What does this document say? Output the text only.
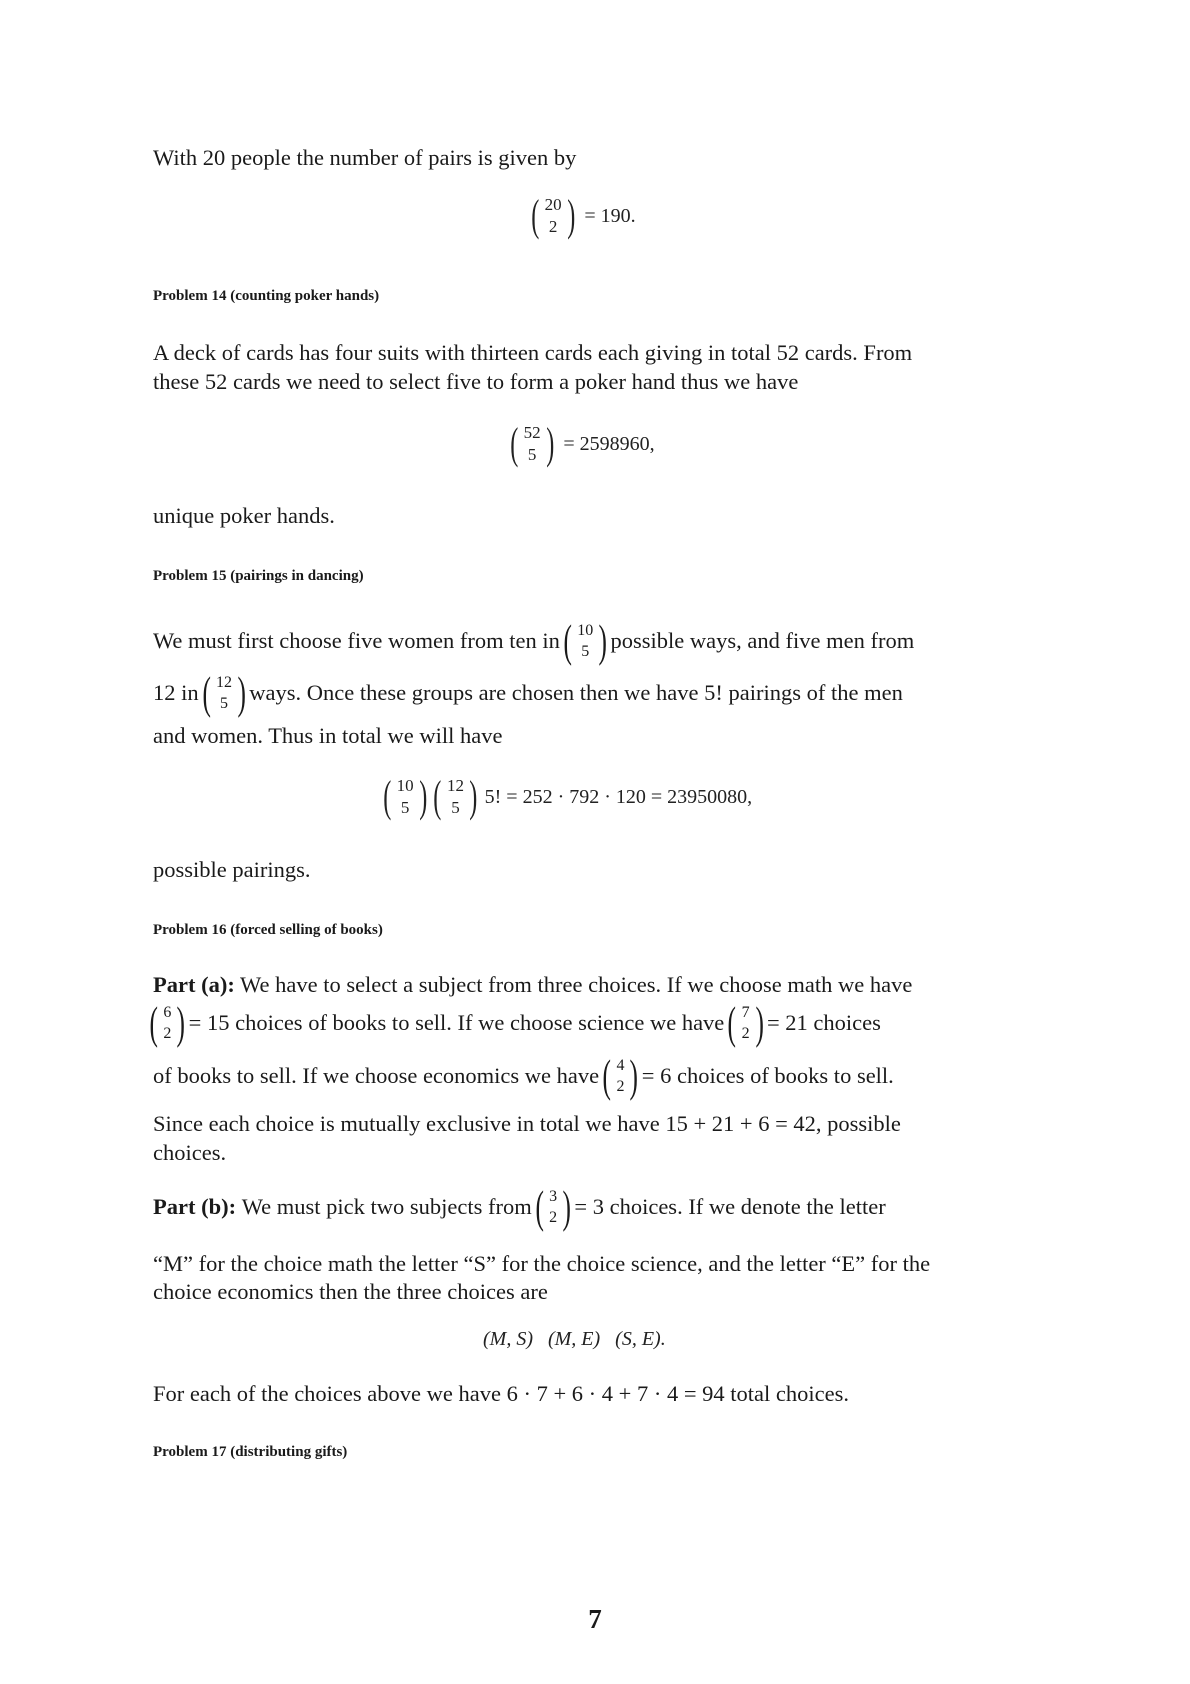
With 20 people the number of pairs is given by
( 20
2 ) = 190.
Problem 14 (counting poker hands)
A deck of cards has four suits with thirteen cards each giving in total 52 cards. From
these 52 cards we need to select five to form a poker hand thus we have
( 52
5 ) = 2598960,
unique poker hands.
Problem 15 (pairings in dancing)
We must first choose five women from ten in ( 10
5 ) possible ways, and five men from
12 in ( 12
5 ) ways. Once these groups are chosen then we have 5! pairings of the men
and women. Thus in total we will have
( 10
5 ) ( 12
5 ) 5! = 252 · 792 · 120 = 23950080,
possible pairings.
Problem 16 (forced selling of books)
Part (a): We have to select a subject from three choices. If we choose math we have
( 6
2 ) = 15 choices of books to sell. If we choose science we have ( 7
2 ) = 21 choices
of books to sell. If we choose economics we have ( 4
2 ) = 6 choices of books to sell.
Since each choice is mutually exclusive in total we have 15 + 21 + 6 = 42, possible
choices.
Part (b):
We must pick two subjects from ( 3
2 ) = 3 choices. If we denote the letter
“M” for the choice math the letter “S” for the choice science, and the letter “E” for the
choice economics then the three choices are
(M, S)   (M, E)   (S, E).
For each of the choices above we have 6 · 7 + 6 · 4 + 7 · 4 = 94 total choices.
Problem 17 (distributing gifts)
7
